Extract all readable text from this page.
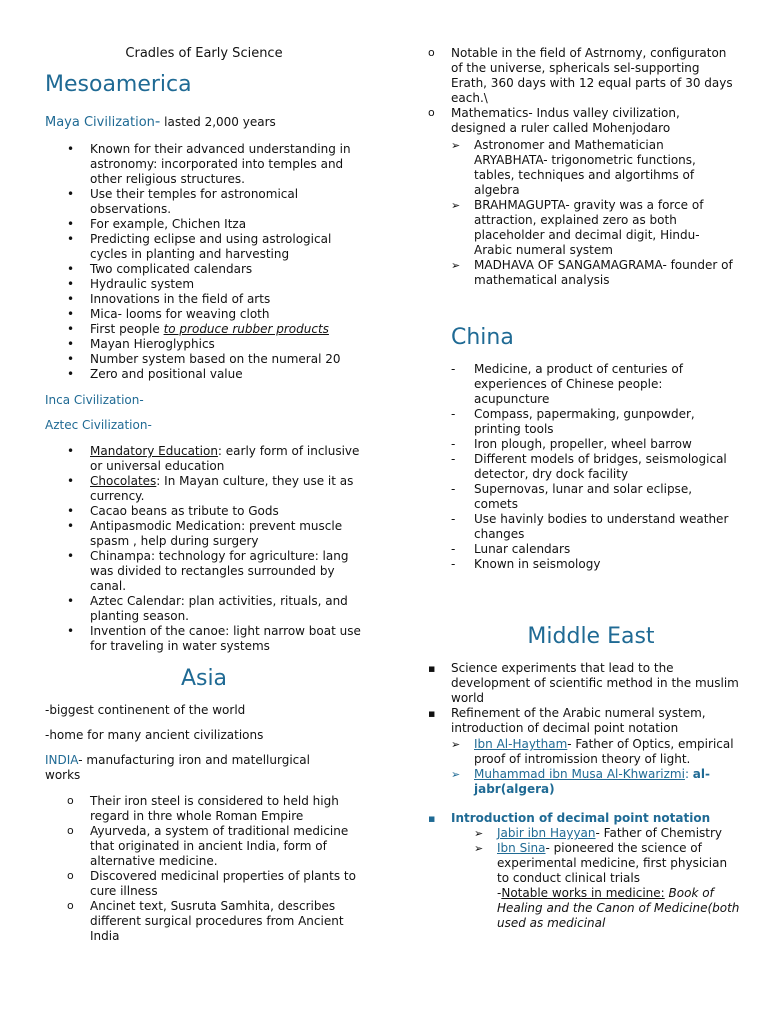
Cradles of Early Science
Mesoamerica
Maya Civilization- lasted 2,000 years
• Known for their advanced understanding in astronomy: incorporated into temples and other religious structures.
• Use their temples for astronomical observations.
• For example, Chichen Itza
• Predicting eclipse and using astrological cycles in planting and harvesting
• Two complicated calendars
• Hydraulic system
• Innovations in the field of arts
• Mica- looms for weaving cloth
• First people to produce rubber products
• Mayan Hieroglyphics
• Number system based on the numeral 20
• Zero and positional value
Inca Civilization-
Aztec Civilization-
• Mandatory Education: early form of inclusive or universal education
• Chocolates: In Mayan culture, they use it as currency.
• Cacao beans as tribute to Gods
• Antipasmodic Medication: prevent muscle spasm , help during surgery
• Chinampa: technology for agriculture: lang was divided to rectangles surrounded by canal.
• Aztec Calendar: plan activities, rituals, and planting season.
• Invention of the canoe: light narrow boat use for traveling in water systems
Asia
-biggest continenent of the world
-home for many ancient civilizations
INDIA- manufacturing iron and matellurgical works
o Their iron steel is considered to held high regard in thre whole Roman Empire
o Ayurveda, a system of traditional medicine that originated in ancient India, form of alternative medicine.
o Discovered medicinal properties of plants to cure illness
o Ancinet text, Susruta Samhita, describes different surgical procedures from Ancient India
o Notable in the field of Astrnomy, configuraton of the universe, sphericals sel-supporting Erath, 360 days with 12 equal parts of 30 days each.\
o Mathematics- Indus valley civilization, designed a ruler called Mohenjodaro
➢ Astronomer and Mathematician ARYABHATA- trigonometric functions, tables, techniques and algortihms of algebra
➢ BRAHMAGUPTA- gravity was a force of attraction, explained zero as both placeholder and decimal digit, Hindu-Arabic numeral system
➢ MADHAVA OF SANGAMAGRAMA- founder of mathematical analysis
China
- Medicine, a product of centuries of experiences of Chinese people: acupuncture
- Compass, papermaking, gunpowder, printing tools
- Iron plough, propeller, wheel barrow
- Different models of bridges, seismological detector, dry dock facility
- Supernovas, lunar and solar eclipse, comets
- Use havinly bodies to understand weather changes
- Lunar calendars
- Known in seismology
Middle East
▪ Science experiments that lead to the development of scientific method in the muslim world
▪ Refinement of the Arabic numeral system, introduction of decimal point notation
➢ Ibn Al-Haytham- Father of Optics, empirical proof of intromission theory of light.
➢ Muhammad ibn Musa Al-Khwarizmi: al-jabr(algera)
▪ Introduction of decimal point notation
➢ Jabir ibn Hayyan- Father of Chemistry
➢ Ibn Sina- pioneered the science of experimental medicine, first physician to conduct clinical trials
-Notable works in medicine: Book of Healing and the Canon of Medicine(both used as medicinal
